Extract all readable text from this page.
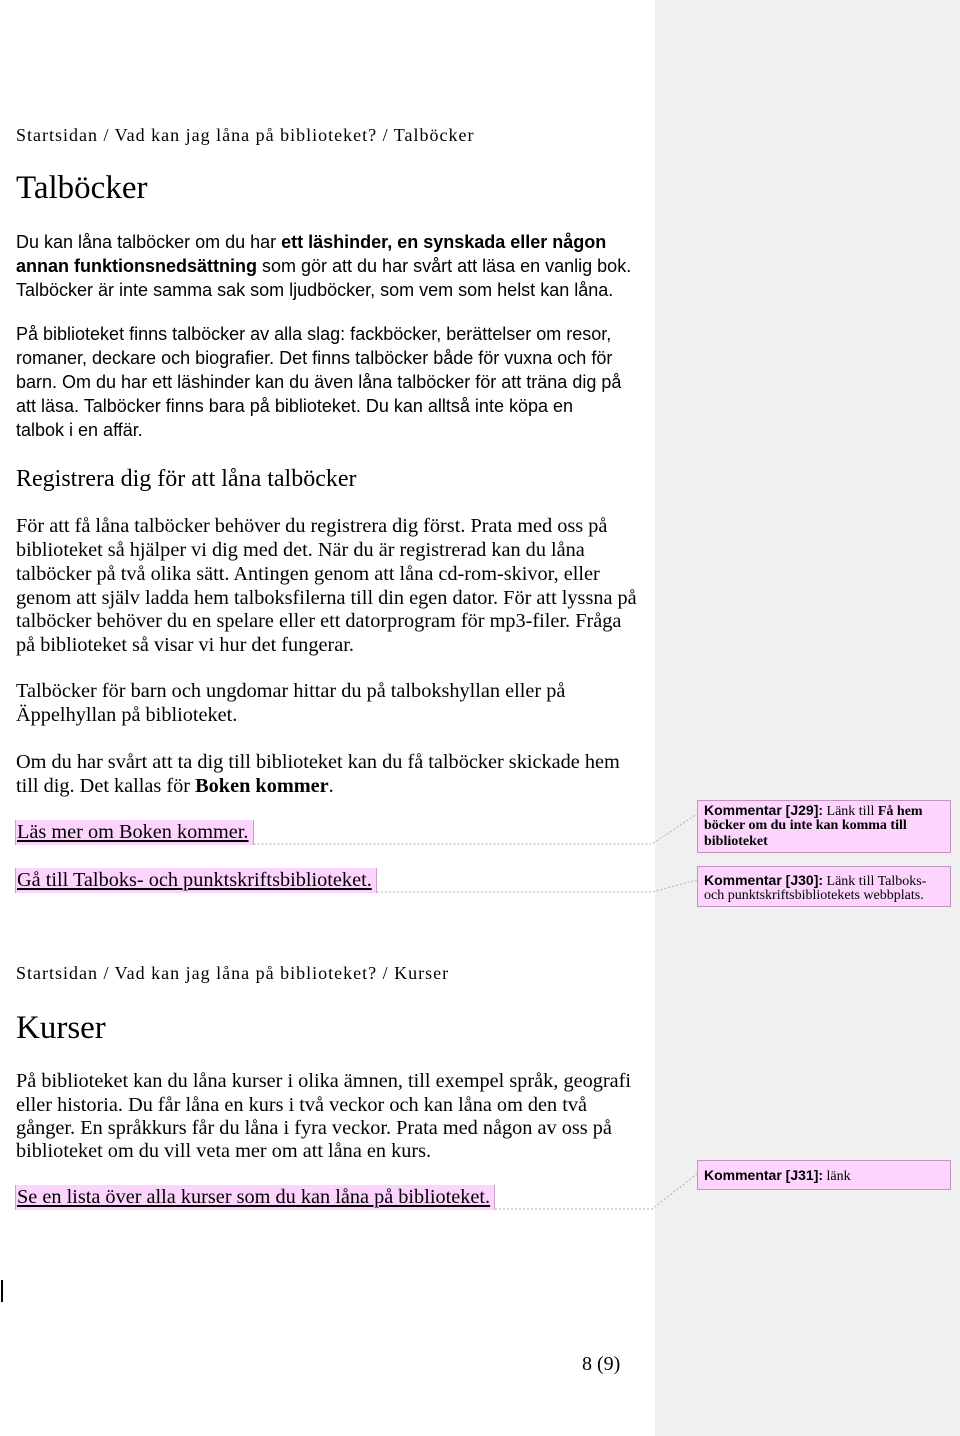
Startsidan / Vad kan jag låna på biblioteket? / Talböcker
Talböcker
Du kan låna talböcker om du har ett läshinder, en synskada eller någon
annan funktionsnedsättning som gör att du har svårt att läsa en vanlig bok.
Talböcker är inte samma sak som ljudböcker, som vem som helst kan låna.
På biblioteket finns talböcker av alla slag: fackböcker, berättelser om resor,
romaner, deckare och biografier. Det finns talböcker både för vuxna och för
barn. Om du har ett läshinder kan du även låna talböcker för att träna dig på
att läsa. Talböcker finns bara på biblioteket. Du kan alltså inte köpa en
talbok i en affär.
Registrera dig för att låna talböcker
För att få låna talböcker behöver du registrera dig först. Prata med oss på
biblioteket så hjälper vi dig med det. När du är registrerad kan du låna
talböcker på två olika sätt. Antingen genom att låna cd-rom-skivor, eller
genom att själv ladda hem talboksfilerna till din egen dator. För att lyssna på
talböcker behöver du en spelare eller ett datorprogram för mp3-filer. Fråga
på biblioteket så visar vi hur det fungerar.
Talböcker för barn och ungdomar hittar du på talbokshyllan eller på
Äppelhyllan på biblioteket.
Om du har svårt att ta dig till biblioteket kan du få talböcker skickade hem
till dig. Det kallas för Boken kommer.
Läs mer om Boken kommer.
Gå till Talboks- och punktskriftsbiblioteket.
Startsidan / Vad kan jag låna på biblioteket? / Kurser
Kurser
På biblioteket kan du låna kurser i olika ämnen, till exempel språk, geografi
eller historia. Du får låna en kurs i två veckor och kan låna om den två
gånger. En språkkurs får du låna i fyra veckor. Prata med någon av oss på
biblioteket om du vill veta mer om att låna en kurs.
Se en lista över alla kurser som du kan låna på biblioteket.
Kommentar [J29]: Länk till Få hem
böcker om du inte kan komma till
biblioteket
Kommentar [J30]: Länk till Talboks-
och punktskriftsbibliotekets webbplats.
Kommentar [J31]: länk
8 (9)
